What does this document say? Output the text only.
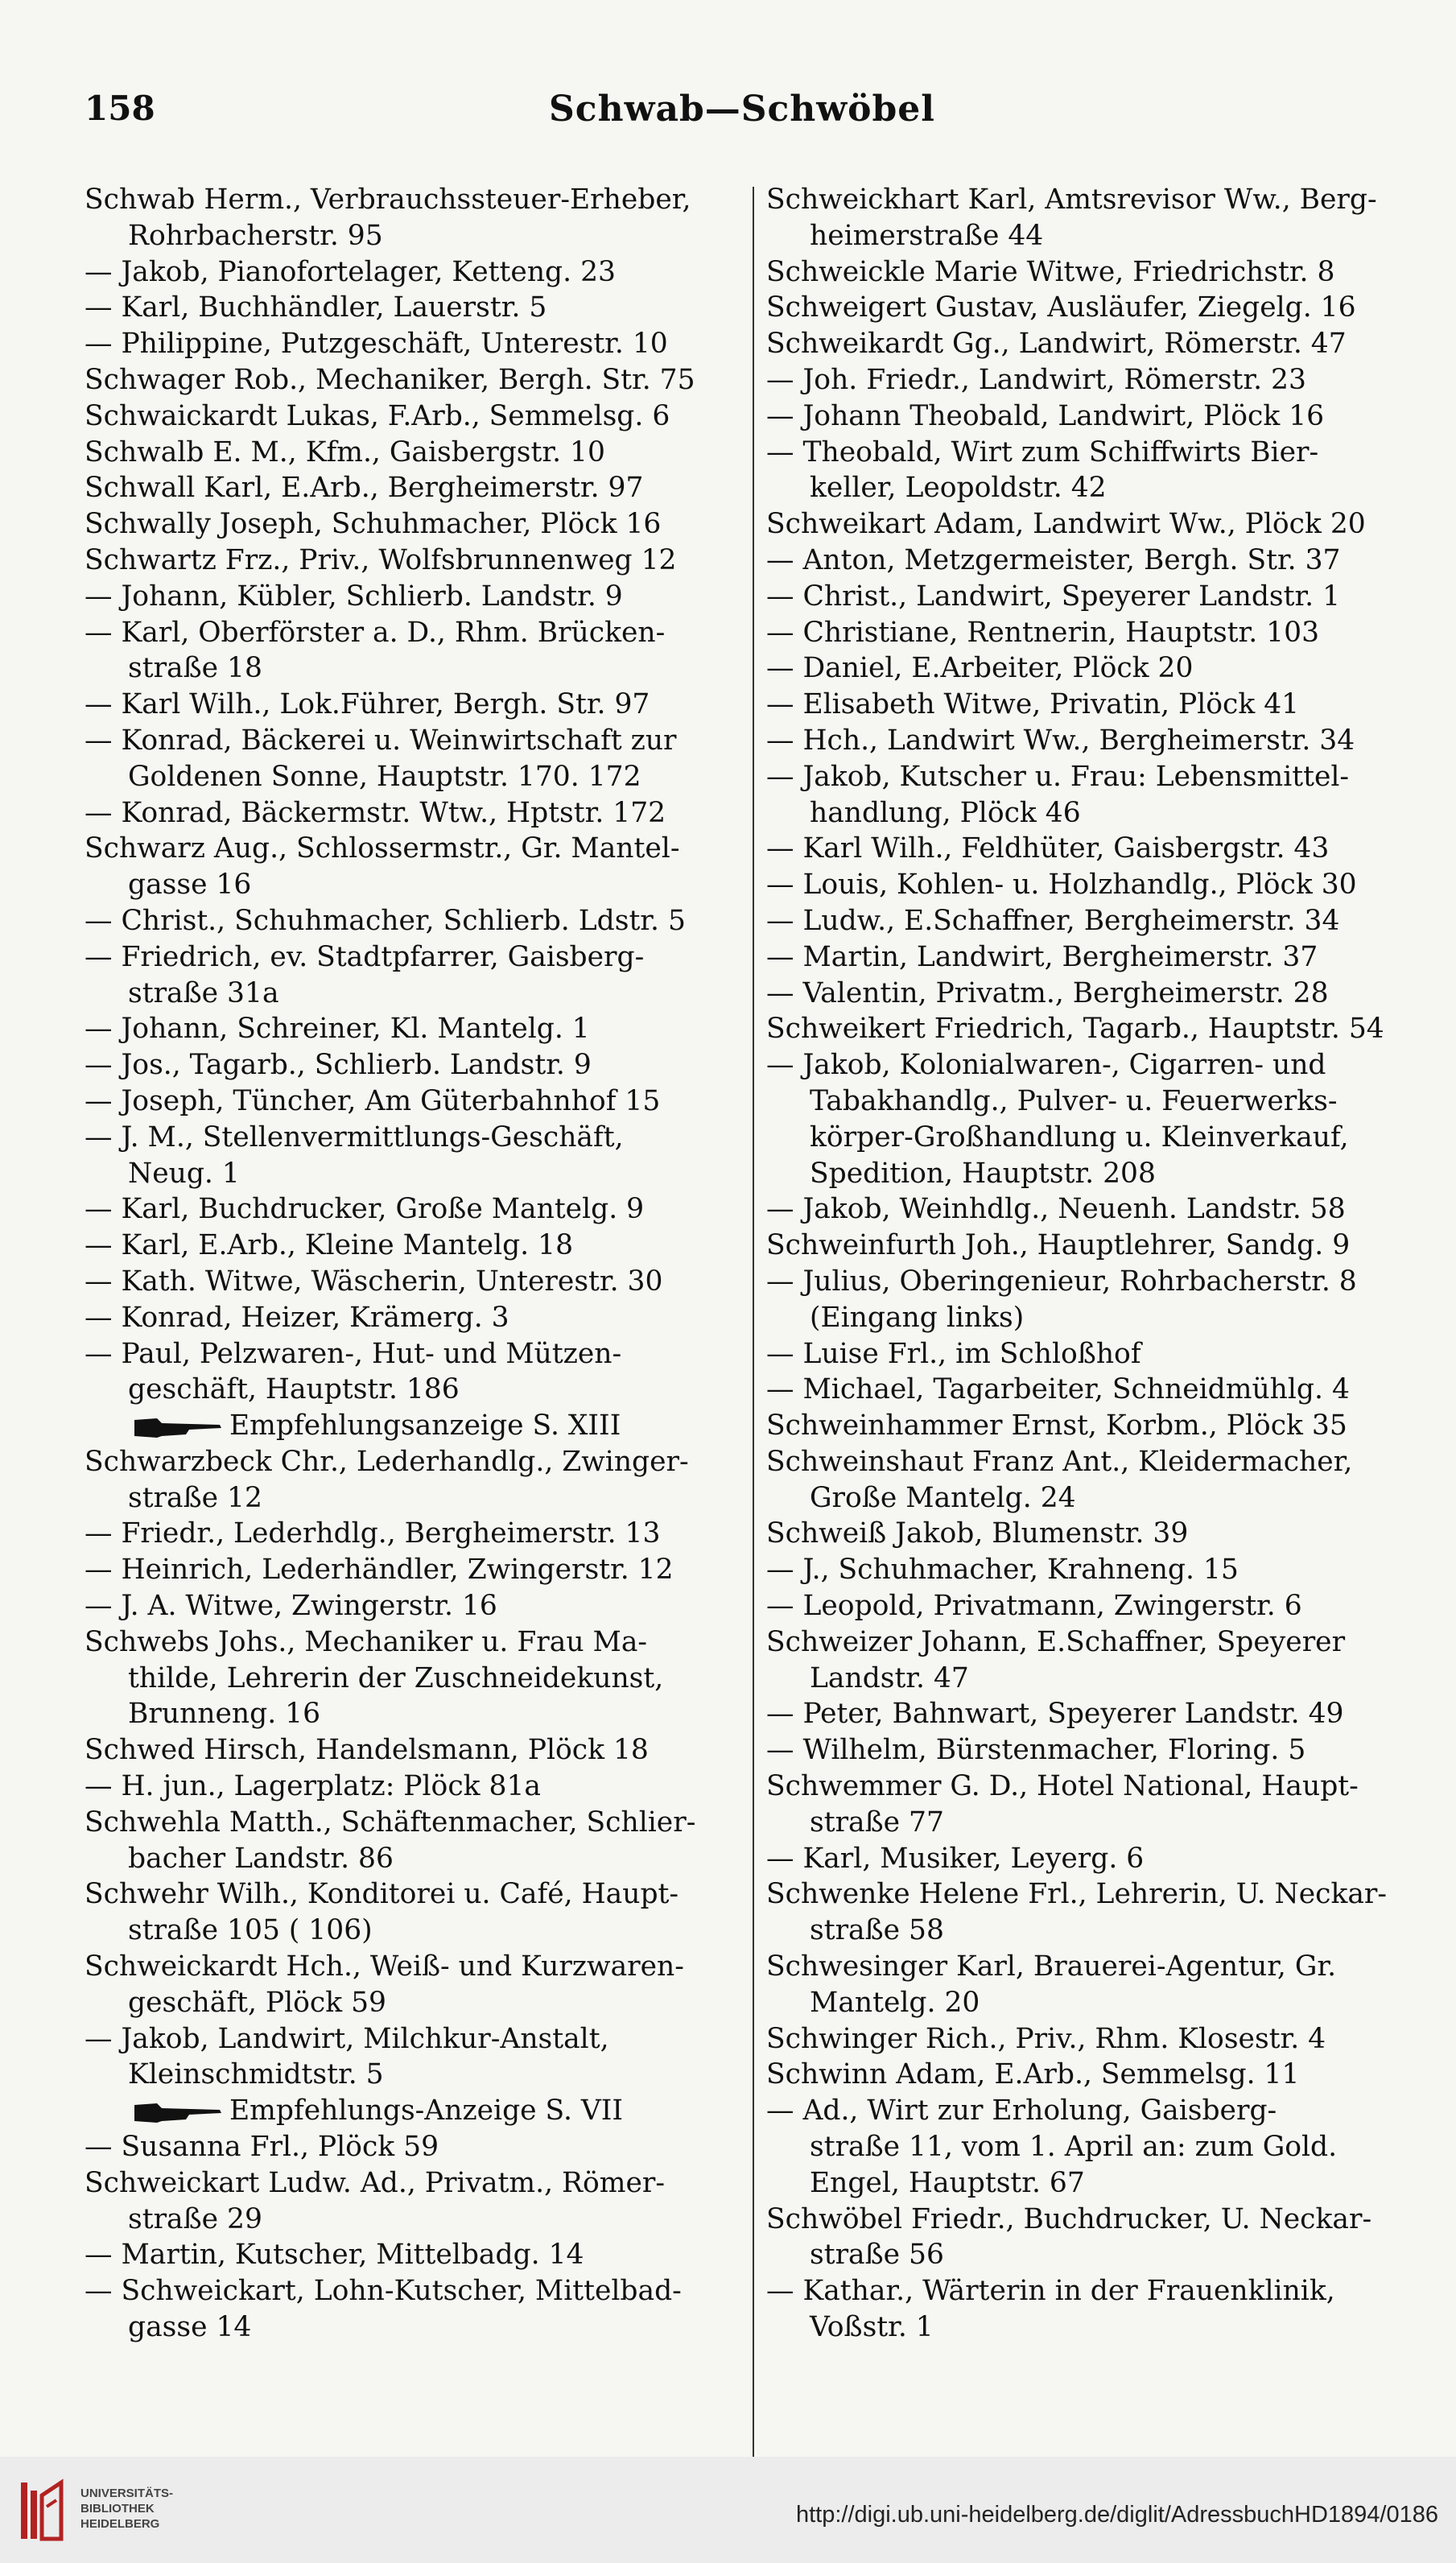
158	Schwab—Schwöbel
Schwab Herm., Verbrauchssteuer-Erheber,
Rohrbacherstr. 95
— Jakob, Pianofortelager, Ketteng. 23
— Karl, Buchhändler, Lauerstr. 5
— Philippine, Putzgeschäft, Unterestr. 10
Schwager Rob., Mechaniker, Bergh. Str. 75
Schwaickardt Lukas, F.Arb., Semmelsg. 6
Schwalb E. M., Kfm., Gaisbergstr. 10
Schwall Karl, E.Arb., Bergheimerstr. 97
Schwally Joseph, Schuhmacher, Plöck 16
Schwartz Frz., Priv., Wolfsbrunnenweg 12
— Johann, Kübler, Schlierb. Landstr. 9
— Karl, Oberförster a. D., Rhm. Brücken-
straße 18
— Karl Wilh., Lok.Führer, Bergh. Str. 97
— Konrad, Bäckerei u. Weinwirtschaft zur
Goldenen Sonne, Hauptstr. 170. 172
— Konrad, Bäckermstr. Wtw., Hptstr. 172
Schwarz Aug., Schlossermstr., Gr. Mantel-
gasse 16
— Christ., Schuhmacher, Schlierb. Ldstr. 5
— Friedrich, ev. Stadtpfarrer, Gaisberg-
straße 31a
— Johann, Schreiner, Kl. Mantelg. 1
— Jos., Tagarb., Schlierb. Landstr. 9
— Joseph, Tüncher, Am Güterbahnhof 15
— J. M., Stellenvermittlungs-Geschäft,
Neug. 1
— Karl, Buchdrucker, Große Mantelg. 9
— Karl, E.Arb., Kleine Mantelg. 18
— Kath. Witwe, Wäscherin, Unterestr. 30
— Konrad, Heizer, Krämerg. 3
— Paul, Pelzwaren-, Hut- und Mützen-
geschäft, Hauptstr. 186
Empfehlungsanzeige S. XIII
Schwarzbeck Chr., Lederhandlg., Zwinger-
straße 12
— Friedr., Lederhdlg., Bergheimerstr. 13
— Heinrich, Lederhändler, Zwingerstr. 12
— J. A. Witwe, Zwingerstr. 16
Schwebs Johs., Mechaniker u. Frau Ma-
thilde, Lehrerin der Zuschneidekunst,
Brunneng. 16
Schwed Hirsch, Handelsmann, Plöck 18
— H. jun., Lagerplatz: Plöck 81a
Schwehla Matth., Schäftenmacher, Schlier-
bacher Landstr. 86
Schwehr Wilh., Konditorei u. Café, Haupt-
straße 105 ( 106)
Schweickardt Hch., Weiß- und Kurzwaren-
geschäft, Plöck 59
— Jakob, Landwirt, Milchkur-Anstalt,
Kleinschmidtstr. 5
Empfehlungs-Anzeige S. VII
— Susanna Frl., Plöck 59
Schweickart Ludw. Ad., Privatm., Römer-
straße 29
— Martin, Kutscher, Mittelbadg. 14
— Schweickart, Lohn-Kutscher, Mittelbad-
gasse 14
Schweickhart Karl, Amtsrevisor Ww., Berg-
heimerstraße 44
Schweickle Marie Witwe, Friedrichstr. 8
Schweigert Gustav, Ausläufer, Ziegelg. 16
Schweikardt Gg., Landwirt, Römerstr. 47
— Joh. Friedr., Landwirt, Römerstr. 23
— Johann Theobald, Landwirt, Plöck 16
— Theobald, Wirt zum Schiffwirts Bier-
keller, Leopoldstr. 42
Schweikart Adam, Landwirt Ww., Plöck 20
— Anton, Metzgermeister, Bergh. Str. 37
— Christ., Landwirt, Speyerer Landstr. 1
— Christiane, Rentnerin, Hauptstr. 103
— Daniel, E.Arbeiter, Plöck 20
— Elisabeth Witwe, Privatin, Plöck 41
— Hch., Landwirt Ww., Bergheimerstr. 34
— Jakob, Kutscher u. Frau: Lebensmittel-
handlung, Plöck 46
— Karl Wilh., Feldhüter, Gaisbergstr. 43
— Louis, Kohlen- u. Holzhandlg., Plöck 30
— Ludw., E.Schaffner, Bergheimerstr. 34
— Martin, Landwirt, Bergheimerstr. 37
— Valentin, Privatm., Bergheimerstr. 28
Schweikert Friedrich, Tagarb., Hauptstr. 54
— Jakob, Kolonialwaren-, Cigarren- und
Tabakhandlg., Pulver- u. Feuerwerks-
körper-Großhandlung u. Kleinverkauf,
Spedition, Hauptstr. 208
— Jakob, Weinhdlg., Neuenh. Landstr. 58
Schweinfurth Joh., Hauptlehrer, Sandg. 9
— Julius, Oberingenieur, Rohrbacherstr. 8
(Eingang links)
— Luise Frl., im Schloßhof
— Michael, Tagarbeiter, Schneidmühlg. 4
Schweinhammer Ernst, Korbm., Plöck 35
Schweinshaut Franz Ant., Kleidermacher,
Große Mantelg. 24
Schweiß Jakob, Blumenstr. 39
— J., Schuhmacher, Krahneng. 15
— Leopold, Privatmann, Zwingerstr. 6
Schweizer Johann, E.Schaffner, Speyerer
Landstr. 47
— Peter, Bahnwart, Speyerer Landstr. 49
— Wilhelm, Bürstenmacher, Floring. 5
Schwemmer G. D., Hotel National, Haupt-
straße 77
— Karl, Musiker, Leyerg. 6
Schwenke Helene Frl., Lehrerin, U. Neckar-
straße 58
Schwesinger Karl, Brauerei-Agentur, Gr.
Mantelg. 20
Schwinger Rich., Priv., Rhm. Klosestr. 4
Schwinn Adam, E.Arb., Semmelsg. 11
— Ad., Wirt zur Erholung, Gaisberg-
straße 11, vom 1. April an: zum Gold.
Engel, Hauptstr. 67
Schwöbel Friedr., Buchdrucker, U. Neckar-
straße 56
— Kathar., Wärterin in der Frauenklinik,
Voßstr. 1
UNIVERSITÄTS-
BIBLIOTHEK
HEIDELBERG	http://digi.ub.uni-heidelberg.de/diglit/AdressbuchHD1894/0186
